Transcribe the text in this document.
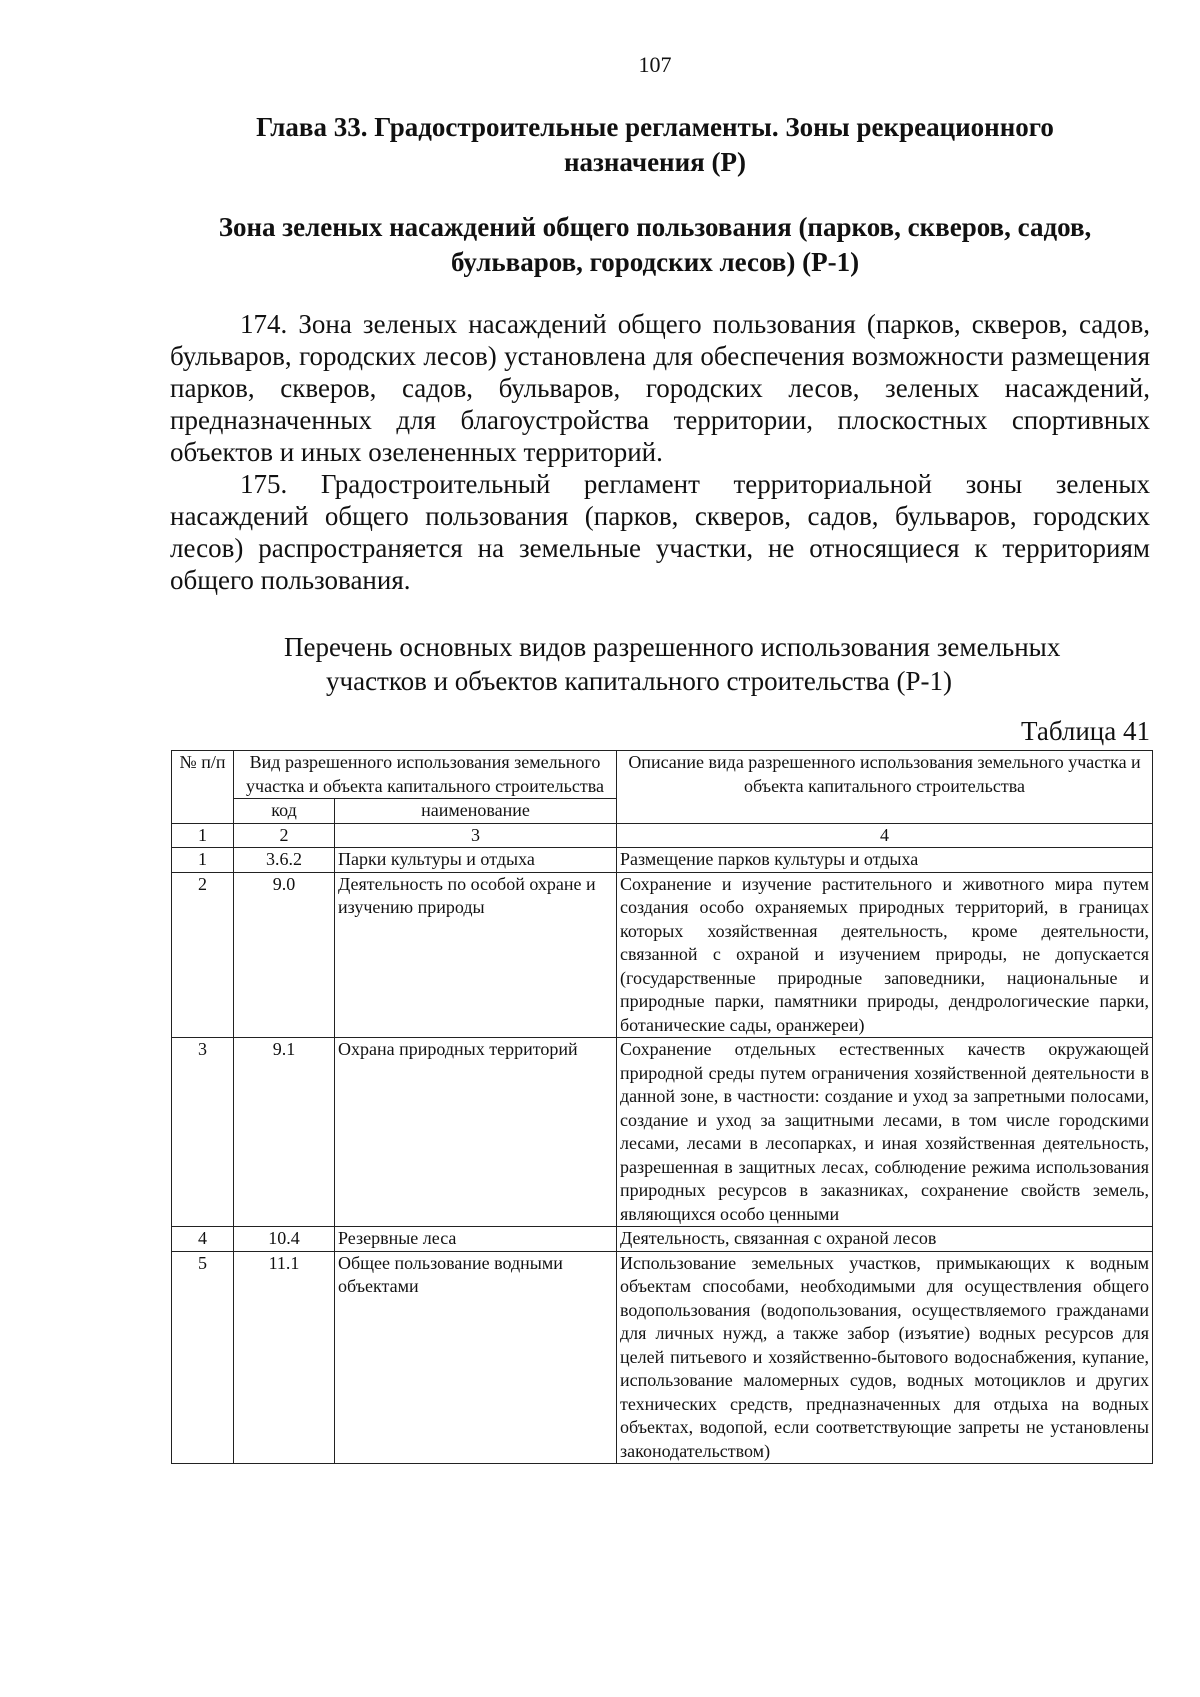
107
Глава 33. Градостроительные регламенты. Зоны рекреационного
назначения (Р)
Зона зеленых насаждений общего пользования (парков, скверов, садов,
бульваров, городских лесов) (Р-1)

174. Зона зеленых насаждений общего пользования (парков, скверов, садов, бульваров, городских лесов) установлена для обеспечения возможности размещения парков, скверов, садов, бульваров, городских лесов, зеленых насаждений, предназначенных для благоустройства территории, плоскостных спортивных объектов и иных озелененных территорий.

175. Градостроительный регламент территориальной зоны зеленых насаждений общего пользования (парков, скверов, садов, бульваров, городских лесов) распространяется на земельные участки, не относящиеся к территориям общего пользования.

Перечень основных видов разрешенного использования земельных
участков и объектов капитального строительства (Р-1)
Таблица 41
№ п/п	Вид разрешенного использования земельного участка и объекта капитального строительства		Описание вида разрешенного использования земельного участка и объекта капитального строительства
	код	наименование	
1	2	3	4
1	3.6.2	Парки культуры и отдыха	Размещение парков культуры и отдыха
2	9.0	Деятельность по особой охране и изучению природы	Сохранение и изучение растительного и животного мира путем создания особо охраняемых природных территорий, в границах которых хозяйственная деятельность, кроме деятельности, связанной с охраной и изучением природы, не допускается (государственные природные заповедники, национальные и природные парки, памятники природы, дендрологические парки, ботанические сады, оранжереи)
3	9.1	Охрана природных территорий	Сохранение отдельных естественных качеств окружающей природной среды путем ограничения хозяйственной деятельности в данной зоне, в частности: создание и уход за запретными полосами, создание и уход за защитными лесами, в том числе городскими лесами, лесами в лесопарках, и иная хозяйственная деятельность, разрешенная в защитных лесах, соблюдение режима использования природных ресурсов в заказниках, сохранение свойств земель, являющихся особо ценными
4	10.4	Резервные леса	Деятельность, связанная с охраной лесов
5	11.1	Общее пользование водными объектами	Использование земельных участков, примыкающих к водным объектам способами, необходимыми для осуществления общего водопользования (водопользования, осуществляемого гражданами для личных нужд, а также забор (изъятие) водных ресурсов для целей питьевого и хозяйственно-бытового водоснабжения, купание, использование маломерных судов, водных мотоциклов и других технических средств, предназначенных для отдыха на водных объектах, водопой, если соответствующие запреты не установлены законодательством)
